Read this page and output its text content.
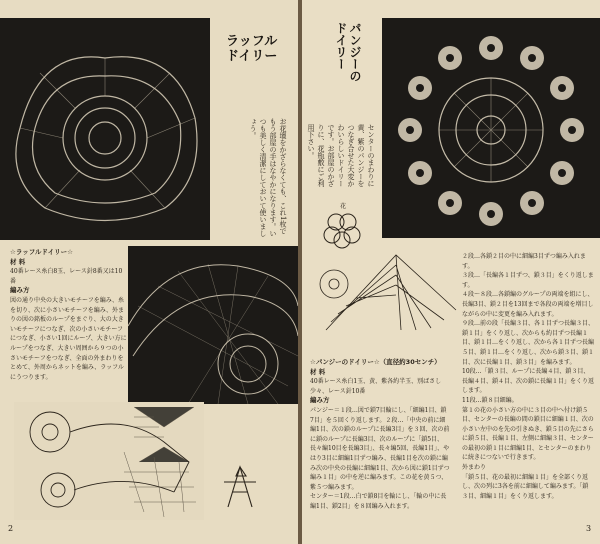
ラッフル
ドイリー
お花壇をかざらなくても、これ1枚でもう部屋の手はなやかになります。いつも美しく清潔にしておいて使いましょう。

☆ラッフルドイリー☆

材 料

40番レース糸白8玉、レース針8番又は10番

編み方

図の通り中央の大きいモチーフを編み、糸を切り、次に小さいモチーフを編み、外まりの図の銘板のループをまぐり、大の大きいモチーフにつなぎ、次の小さいモチーフにつなぎ、小さい1回にループ、大きい方にループをつなぎ、大きい周囲から９つの小さいモチーフをつなぎ、全面の外まわりをとめて、外周からネットを編み、ラッフルにうつります。

2
パンジーの
ドイリー
センターのまわりに黄、紫のパンジーをつなぎ合せた大変かわいらしいドイリーです。お部屋のかざりに、花瓶敷にご利用下さい。
花

☆パンジーのドイリー☆（直径約30センチ）

材 料

40番レース糸白1玉、黄、紫各約半玉、別ばさし少々、レース針10番

編み方

パンジー＝１段…図で鎖7目輪にし、「細編1目、鎖7目」を５回くり返します。２段…「中央の前に細編1目、次の鎖のループに長編3目」を３回、次の前に鎖のループに長編3目、次のループに「鎖5目、長々編10目を長編3目」、長々編5回、長編1目」、やはり3目に細編1目ずつ編み、長編1目を次の鎖に編み次の中央の長編に細編1目、次から図に鎖1目ずつ編み１目」の中を逆に編みます。この花を黄５つ、紫５つ編みます。
センター＝1段…白で鎖8目を輪にし、「輪の中に長編1目、鎖2目」を８回編み入れます。

２段…各鎖２目の中に細編3目ずつ編み入れます。
３段…「長編各１目ずつ、鎖３目」をくり返します。
４段～８段…各鎖編のグループの両端を組にし、長編3目、鎖２目を13回まで各段の両端を増目しながらの中に変更を編み入れます。
９段…前の段「長編３目、各１目ずつ長編３目、鎖１目」をくり返し、次からも約目ずつ長編１目、鎖１目…をくり返し、次から各１目ずつ長編５目、鎖１目…をくり返し、次から鎖３目、鎖１目、次に長編１目、鎖３目」を編みます。
10段…「鎖３目、ループに長編４目、鎖３目、長編４目、鎖４目、次の鎖に長編１目」をくり返します。
11段…鎖８目細編。
第１の花の小さい方の中に３目の中へ付け鎖５目、センターの長編の間の鎖目に細編１目、次の小さい左中のを先の引きぬき、鎖５目の先にさらに鎖５目、長編１目、左側に細編３目、センターの最初の鎖１目に細編1目、とセンターのまわりに続きにつないで行きます。
外まわり
「鎖５目、花の最初に細編１目」を全部くり返し、次の列に3各を前に細編して編みます。「鎖３目、細編１目」をくり返します。

3
